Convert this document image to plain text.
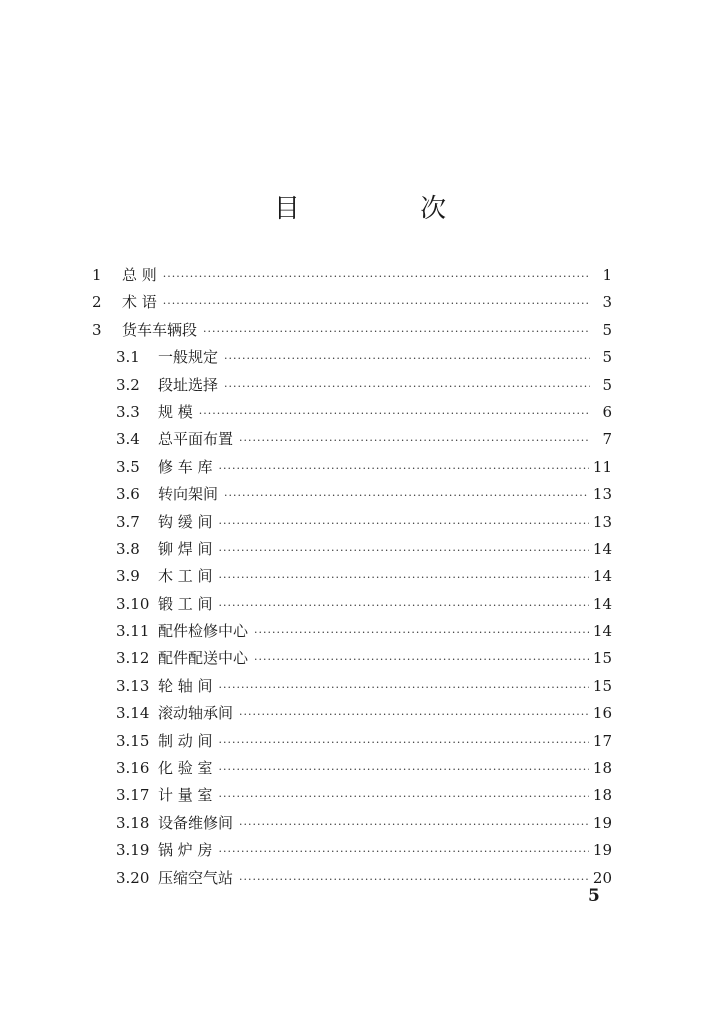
目 次
1	总 则 ·····	1
2	术 语 ·····	3
3	货车车辆段 ·····	5
3.1	一般规定 ·····	5
3.2	段址选择 ·····	5
3.3	规 模 ·····	6
3.4	总平面布置 ·····	7
3.5	修 车 库 ·····	11
3.6	转向架间 ·····	13
3.7	钩 缓 间 ·····	13
3.8	铆 焊 间 ·····	14
3.9	木 工 间 ·····	14
3.10 锻 工 间 ·····	14
3.11 配件检修中心 ·····	14
3.12 配件配送中心 ·····	15
3.13 轮 轴 间 ·····	15
3.14 滚动轴承间 ·····	16
3.15 制 动 间 ·····	17
3.16 化 验 室 ·····	18
3.17 计 量 室 ·····	18
3.18 设备维修间 ·····	19
3.19 锅 炉 房 ·····	19
3.20 压缩空气站 ·····	20
5
